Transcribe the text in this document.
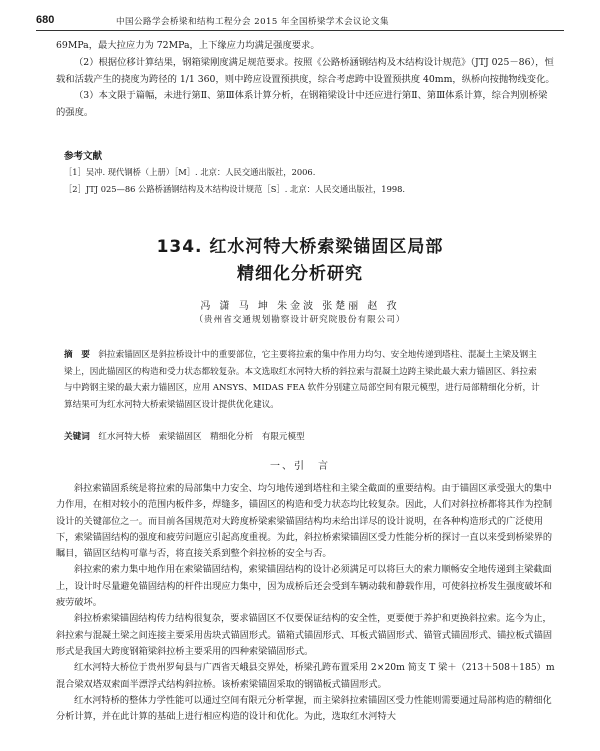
680	中国公路学会桥梁和结构工程分会 2015 年全国桥梁学术会议论文集

69MPa，最大拉应力为 72MPa，上下缘应力均满足强度要求。

（2）根据位移计算结果，钢箱梁刚度满足规范要求。按照《公路桥涵钢结构及木结构设计规范》（JTJ 025－86），恒载和活载产生的挠度为跨径的 1/1 360，则中跨应设置预拱度，综合考虑跨中设置预拱度 40mm，纵桥向按抛物线变化。

（3）本文限于篇幅，未进行第Ⅱ、第Ⅲ体系计算分析，在钢箱梁设计中还应进行第Ⅱ、第Ⅲ体系计算，综合判别桥梁的强度。

参考文献
［1］吴冲. 现代钢桥（上册）［M］. 北京：人民交通出版社，2006.
［2］JTJ 025—86 公路桥涵钢结构及木结构设计规范［S］. 北京：人民交通出版社，1998.
134. 红水河特大桥索梁锚固区局部
精细化分析研究
冯 潇 马 坤 朱金波 张楚丽 赵 孜
（贵州省交通规划勘察设计研究院股份有限公司）
摘　要　 斜拉索锚固区是斜拉桥设计中的重要部位，它主要将拉索的集中作用力均匀、安全地传递到塔柱、混凝土主梁及钢主梁上，因此锚固区的构造和受力状态都较复杂。本文选取红水河特大桥的斜拉索与混凝土边跨主梁此最大索力锚固区、斜拉索与中跨钢主梁的最大索力锚固区，应用 ANSYS、MIDAS FEA 软件分别建立局部空间有限元模型，进行局部精细化分析，计算结果可为红水河特大桥索梁锚固区设计提供优化建议。
关键词　 红水河特大桥　索梁锚固区　精细化分析　有限元模型
一、引　言

斜拉索锚固系统是将拉索的局部集中力安全、均匀地传递到塔柱和主梁全截面的重要结构。由于锚固区承受强大的集中力作用，在相对较小的范围内板件多，焊缝多，锚固区的构造和受力状态均比较复杂。因此，人们对斜拉桥都将其作为控制设计的关键部位之一。而目前各国规范对大跨度桥梁索梁锚固结构均未给出详尽的设计说明，在各种构造形式的广泛使用下，索梁锚固结构的强度和疲劳问题应引起高度重视。为此，斜拉桥索梁锚固区受力性能分析的探讨一直以来受到桥梁界的瞩目，锚固区结构可靠与否，将直接关系到整个斜拉桥的安全与否。

斜拉索的索力集中地作用在索梁锚固结构，索梁锚固结构的设计必须满足可以将巨大的索力顺畅安全地传递到主梁截面上，设计时尽量避免锚固结构的杆件出现应力集中，因为成桥后还会受到车辆动载和静载作用，可使斜拉桥发生强度破坏和疲劳破坏。

斜拉桥索梁锚固结构传力结构很复杂，要求锚固区不仅要保证结构的安全性，更要便于养护和更换斜拉索。迄今为止，斜拉索与混凝土梁之间连接主要采用齿块式锚固形式。锚箱式锚固形式、耳板式锚固形式、锚管式锚固形式、锚拉板式锚固形式是我国大跨度钢箱梁斜拉桥主要采用的四种索梁锚固形式。

红水河特大桥位于贵州罗甸县与广西省天峨县交界处，桥梁孔跨布置采用 2×20m 简支 T 梁＋（213＋508＋185）m 混合梁双塔双索面半漂浮式结构斜拉桥。该桥索梁锚固采取的钢锚板式锚固形式。

红水河特桥的整体力学性能可以通过空间有限元分析掌握，而主梁斜拉索锚固区受力性能则需要通过局部构造的精细化分析计算，并在此计算的基础上进行相应构造的设计和优化。为此，选取红水河特大
